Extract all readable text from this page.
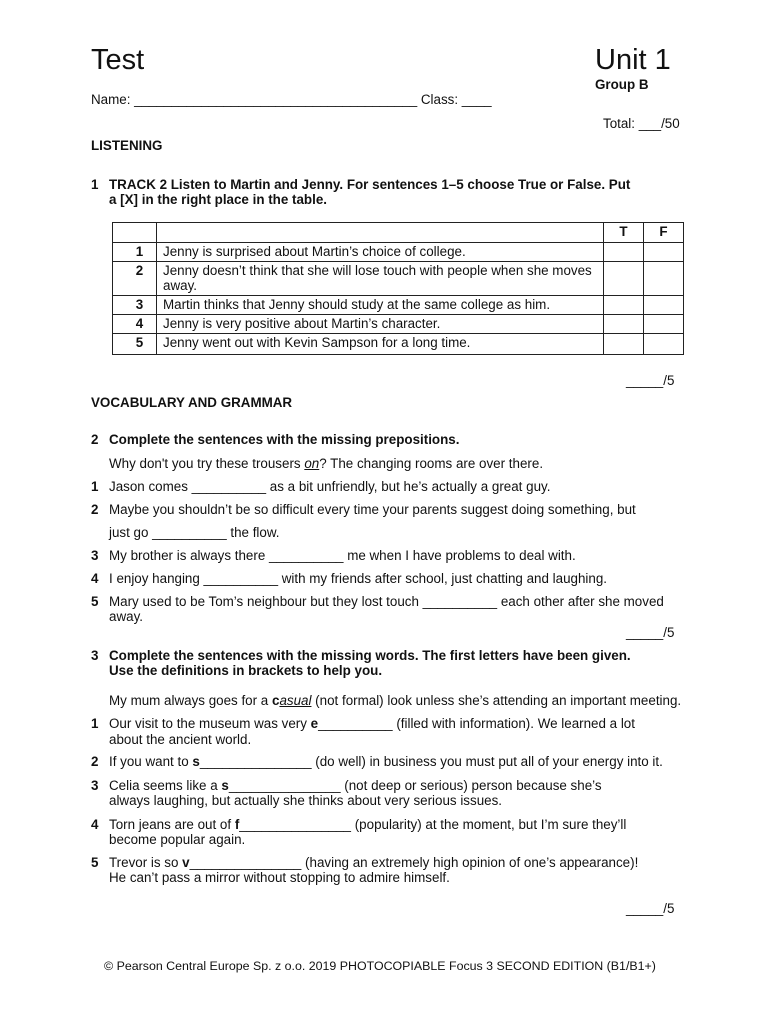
Test	Unit 1
Group B
Name: ______________________________________ Class: ____
Total: ___/50
LISTENING
1 TRACK 2 Listen to Martin and Jenny. For sentences 1–5 choose True or False. Put
a [X] in the right place in the table.
		T	F
1	Jenny is surprised about Martin’s choice of college.		
2	Jenny doesn’t think that she will lose touch with people when she moves away.		
3	Martin thinks that Jenny should study at the same college as him.		
4	Jenny is very positive about Martin’s character.		
5	Jenny went out with Kevin Sampson for a long time.		
_____/5
VOCABULARY AND GRAMMAR
2 Complete the sentences with the missing prepositions.
Why don't you try these trousers on? The changing rooms are over there.
1 Jason comes __________ as a bit unfriendly, but he’s actually a great guy.
2 Maybe you shouldn’t be so difficult every time your parents suggest doing something, but
just go __________ the flow.
3 My brother is always there __________ me when I have problems to deal with.
4 I enjoy hanging __________ with my friends after school, just chatting and laughing.
5 Mary used to be Tom’s neighbour but they lost touch __________ each other after she moved
away.
_____/5
3 Complete the sentences with the missing words. The first letters have been given.
Use the definitions in brackets to help you.
My mum always goes for a casual (not formal) look unless she’s attending an important meeting.
1 Our visit to the museum was very e__________ (filled with information). We learned a lot
about the ancient world.
2 If you want to s_______________ (do well) in business you must put all of your energy into it.
3 Celia seems like a s_______________ (not deep or serious) person because she’s
always laughing, but actually she thinks about very serious issues.
4 Torn jeans are out of f_______________ (popularity) at the moment, but I’m sure they’ll
become popular again.
5 Trevor is so v_______________ (having an extremely high opinion of one’s appearance)!
He can’t pass a mirror without stopping to admire himself.
_____/5
© Pearson Central Europe Sp. z o.o. 2019 PHOTOCOPIABLE Focus 3 SECOND EDITION (B1/B1+)
